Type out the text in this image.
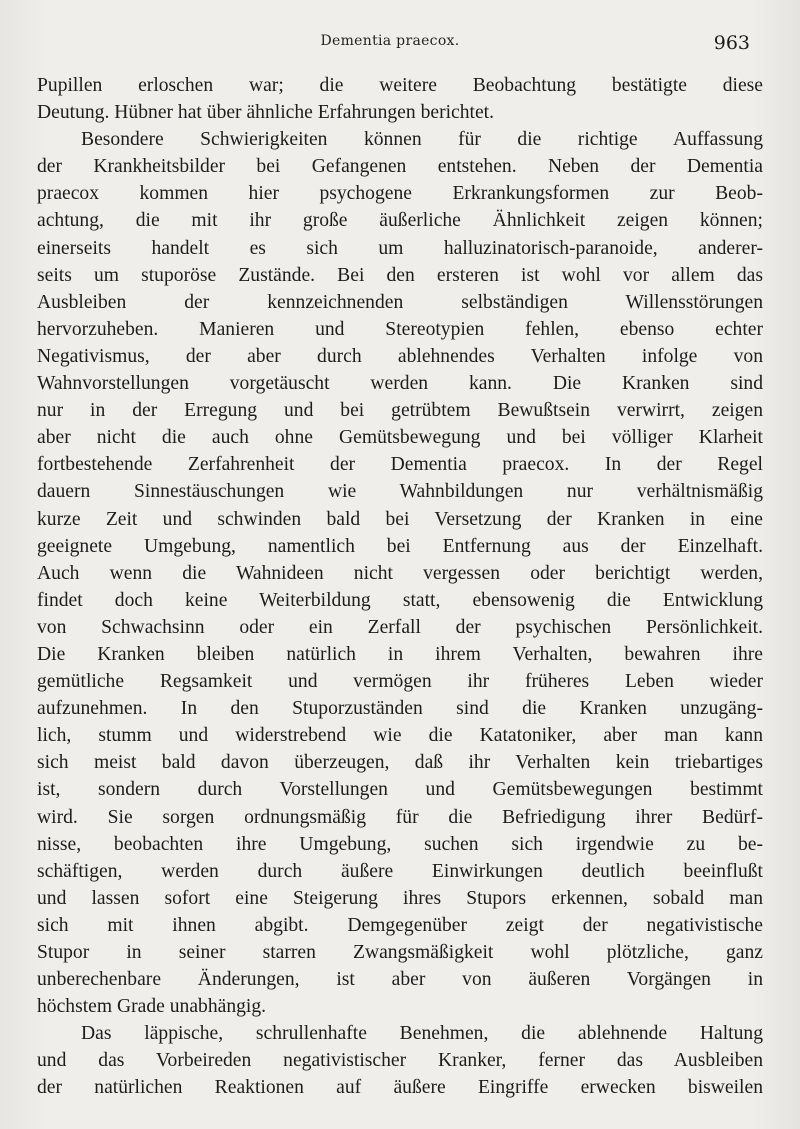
Dementia praecox.	963
Pupillen erloschen war; die weitere Beobachtung bestätigte diese
Deutung. Hübner hat über ähnliche Erfahrungen berichtet.
Besondere Schwierigkeiten können für die richtige Auffassung
der Krankheitsbilder bei Gefangenen entstehen. Neben der Dementia
praecox kommen hier psychogene Erkrankungsformen zur Beob-
achtung, die mit ihr große äußerliche Ähnlichkeit zeigen können;
einerseits handelt es sich um halluzinatorisch-paranoide, anderer-
seits um stuporöse Zustände. Bei den ersteren ist wohl vor allem das
Ausbleiben der kennzeichnenden selbständigen Willensstörungen
hervorzuheben. Manieren und Stereotypien fehlen, ebenso echter
Negativismus, der aber durch ablehnendes Verhalten infolge von
Wahnvorstellungen vorgetäuscht werden kann. Die Kranken sind
nur in der Erregung und bei getrübtem Bewußtsein verwirrt, zeigen
aber nicht die auch ohne Gemütsbewegung und bei völliger Klarheit
fortbestehende Zerfahrenheit der Dementia praecox. In der Regel
dauern Sinnestäuschungen wie Wahnbildungen nur verhältnismäßig
kurze Zeit und schwinden bald bei Versetzung der Kranken in eine
geeignete Umgebung, namentlich bei Entfernung aus der Einzelhaft.
Auch wenn die Wahnideen nicht vergessen oder berichtigt werden,
findet doch keine Weiterbildung statt, ebensowenig die Entwicklung
von Schwachsinn oder ein Zerfall der psychischen Persönlichkeit.
Die Kranken bleiben natürlich in ihrem Verhalten, bewahren ihre
gemütliche Regsamkeit und vermögen ihr früheres Leben wieder
aufzunehmen. In den Stuporzuständen sind die Kranken unzugäng-
lich, stumm und widerstrebend wie die Katatoniker, aber man kann
sich meist bald davon überzeugen, daß ihr Verhalten kein triebartiges
ist, sondern durch Vorstellungen und Gemütsbewegungen bestimmt
wird. Sie sorgen ordnungsmäßig für die Befriedigung ihrer Bedürf-
nisse, beobachten ihre Umgebung, suchen sich irgendwie zu be-
schäftigen, werden durch äußere Einwirkungen deutlich beeinflußt
und lassen sofort eine Steigerung ihres Stupors erkennen, sobald man
sich mit ihnen abgibt. Demgegenüber zeigt der negativistische
Stupor in seiner starren Zwangsmäßigkeit wohl plötzliche, ganz
unberechenbare Änderungen, ist aber von äußeren Vorgängen in
höchstem Grade unabhängig.
Das läppische, schrullenhafte Benehmen, die ablehnende Haltung
und das Vorbeireden negativistischer Kranker, ferner das Ausbleiben
der natürlichen Reaktionen auf äußere Eingriffe erwecken bisweilen
